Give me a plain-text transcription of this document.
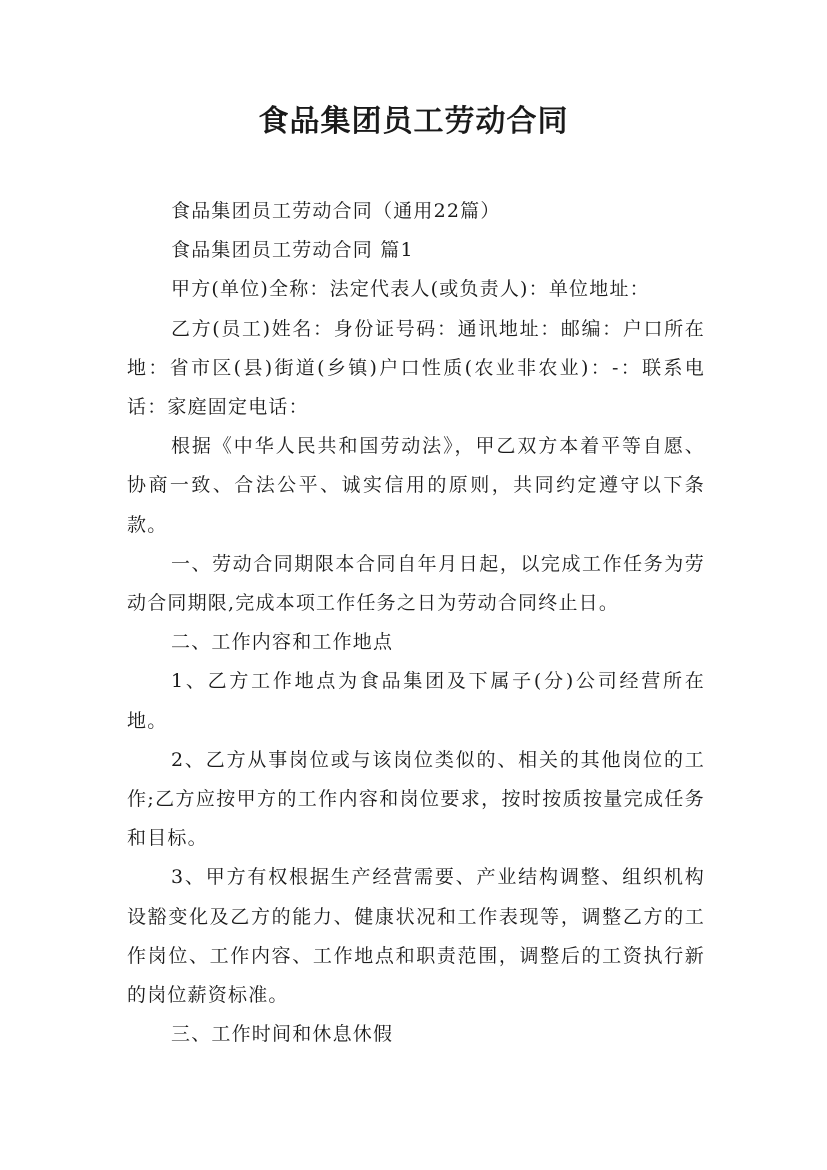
食品集团员工劳动合同

食品集团员工劳动合同（通用22篇）

食品集团员工劳动合同 篇1

甲方(单位)全称：法定代表人(或负责人)：单位地址：

乙方(员工)姓名：身份证号码：通讯地址：邮编：户口所在地：省市区(县)街道(乡镇)户口性质(农业非农业)：-：联系电话：家庭固定电话：

根据《中华人民共和国劳动法》，甲乙双方本着平等自愿、协商一致、合法公平、诚实信用的原则，共同约定遵守以下条款。

一、劳动合同期限本合同自年月日起，以完成工作任务为劳动合同期限,完成本项工作任务之日为劳动合同终止日。

二、工作内容和工作地点

1、乙方工作地点为食品集团及下属子(分)公司经营所在地。

2、乙方从事岗位或与该岗位类似的、相关的其他岗位的工作;乙方应按甲方的工作内容和岗位要求，按时按质按量完成任务和目标。

3、甲方有权根据生产经营需要、产业结构调整、组织机构设豁变化及乙方的能力、健康状况和工作表现等，调整乙方的工作岗位、工作内容、工作地点和职责范围，调整后的工资执行新的岗位薪资标准。

三、工作时间和休息休假
